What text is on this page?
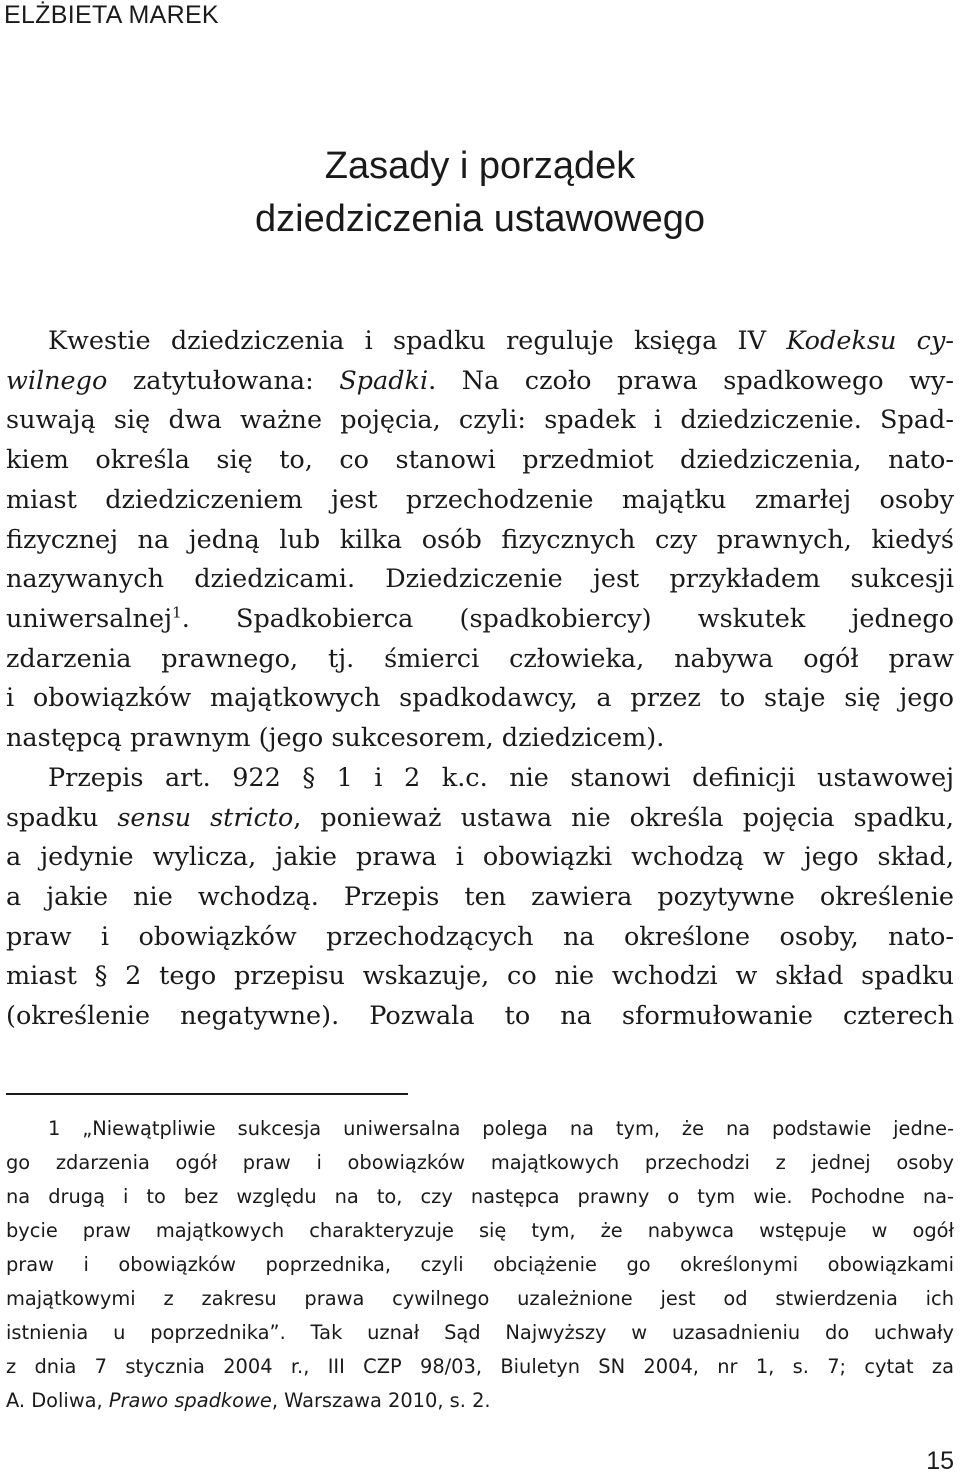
ELŻBIETA MAREK
Zasady i porządek
dziedziczenia ustawowego
Kwestie dziedziczenia i spadku reguluje księga IV Kodeksu cy-
wilnego zatytułowana: Spadki. Na czoło prawa spadkowego wy-
suwają się dwa ważne pojęcia, czyli: spadek i dziedziczenie. Spad-
kiem określa się to, co stanowi przedmiot dziedziczenia, nato-
miast dziedziczeniem jest przechodzenie majątku zmarłej osoby
fizycznej na jedną lub kilka osób fizycznych czy prawnych, kiedyś
nazywanych dziedzicami. Dziedziczenie jest przykładem sukcesji
uniwersalnej$^1$. Spadkobierca (spadkobiercy) wskutek jednego
zdarzenia prawnego, tj. śmierci człowieka, nabywa ogół praw
i obowiązków majątkowych spadkodawcy, a przez to staje się jego
następcą prawnym (jego sukcesorem, dziedzicem).
Przepis art. 922 § 1 i 2 k.c. nie stanowi definicji ustawowej
spadku sensu stricto, ponieważ ustawa nie określa pojęcia spadku,
a jedynie wylicza, jakie prawa i obowiązki wchodzą w jego skład,
a jakie nie wchodzą. Przepis ten zawiera pozytywne określenie
praw i obowiązków przechodzących na określone osoby, nato-
miast § 2 tego przepisu wskazuje, co nie wchodzi w skład spadku
(określenie negatywne). Pozwala to na sformułowanie czterech
1 „Niewątpliwie sukcesja uniwersalna polega na tym, że na podstawie jedne-
go zdarzenia ogół praw i obowiązków majątkowych przechodzi z jednej osoby
na drugą i to bez względu na to, czy następca prawny o tym wie. Pochodne na-
bycie praw majątkowych charakteryzuje się tym, że nabywca wstępuje w ogół
praw i obowiązków poprzednika, czyli obciążenie go określonymi obowiązkami
majątkowymi z zakresu prawa cywilnego uzależnione jest od stwierdzenia ich
istnienia u poprzednika”. Tak uznał Sąd Najwyższy w uzasadnieniu do uchwały
z dnia 7 stycznia 2004 r., III CZP 98/03, Biuletyn SN 2004, nr 1, s. 7; cytat za
A. Doliwa, Prawo spadkowe, Warszawa 2010, s. 2.
15
